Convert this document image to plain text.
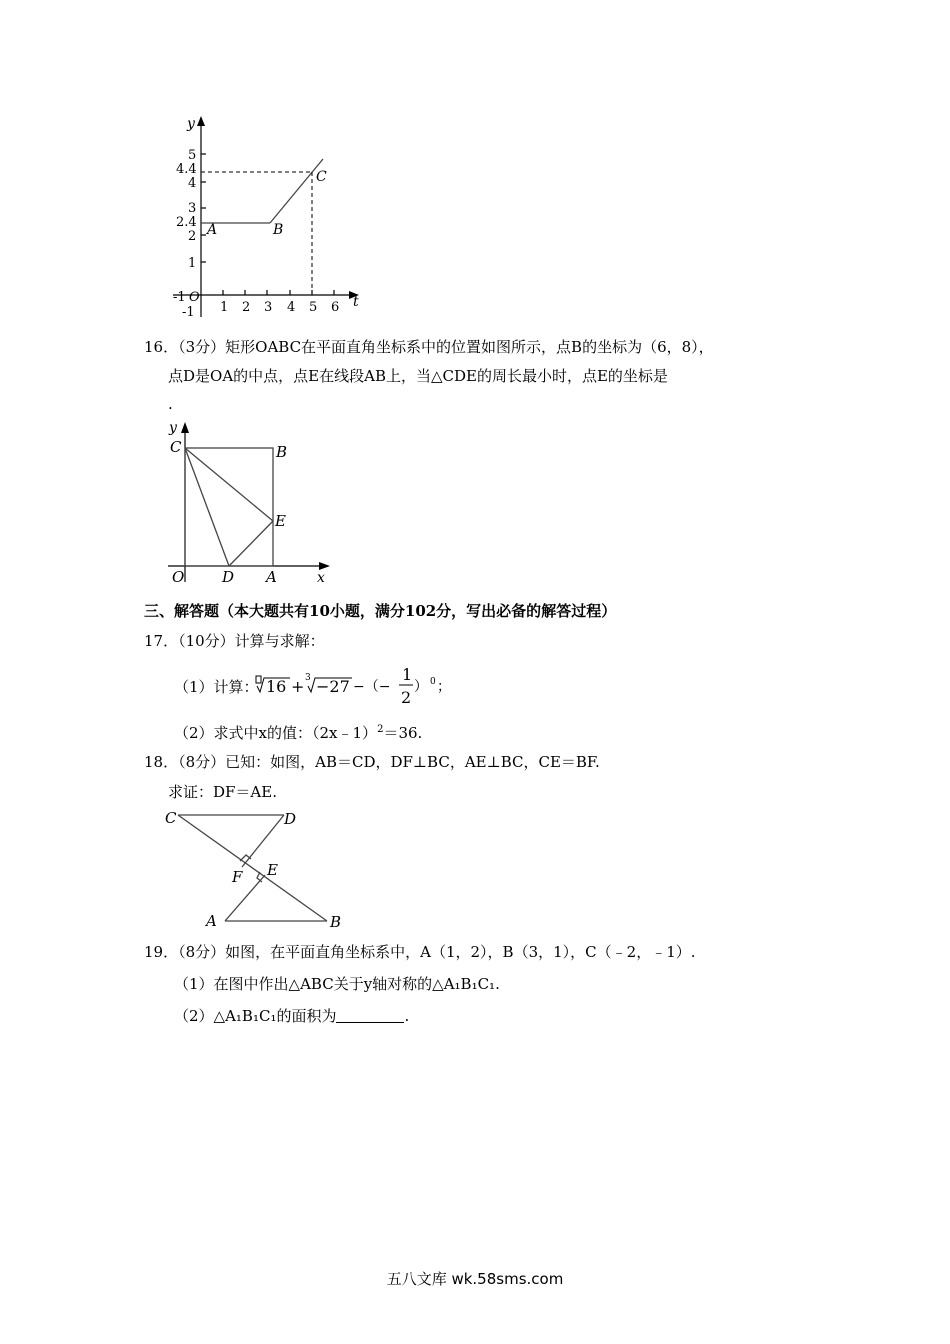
y
t
5
4.4
4
3
2.4
2
1
-1
-1 O
1 2 3 4 5 6
A	B
C
16．（3分）矩形OABC在平面直角坐标系中的位置如图所示，点B的坐标为（6，8），
点D是OA的中点，点E在线段AB上，当△CDE的周长最小时，点E的坐标是
.
y
x
C	B
E
O	D A
三、解答题（本大题共有10小题，满分102分，写出必备的解答过程）
17．（10分）计算与求解：
（1）计算： 16 + 3 −27 −（−
1
2
） 0 ；
（2）求式中x的值：（2x﹣1）$^2$＝36.
18．（8分）已知：如图，AB＝CD，DF⊥BC，AE⊥BC，CE＝BF.
求证：DF＝AE.
C	D
E
F
A	B
19．（8分）如图，在平面直角坐标系中，A（1，2），B（3，1），C（﹣2，﹣1）.
（1）在图中作出△ABC关于y轴对称的△A₁B₁C₁.
（2）△A₁B₁C₁的面积为	.
五八文库 wk.58sms.com
